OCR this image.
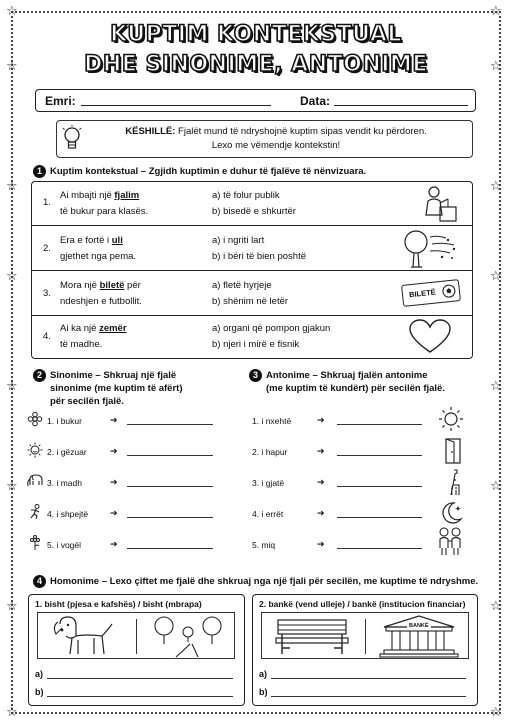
☆	☆
☆	☆
☆	☆
☆	☆
☆	☆
☆	☆
☆	☆
☆	☆
KUPTIM KONTEKSTUAL
DHE SINONIME, ANTONIME
Emri:	Data:
KËSHILLË: Fjalët mund të ndryshojnë kuptim sipas vendit ku përdoren.
Lexo me vëmendje kontekstin!
1 Kuptim kontekstual – Zgjidh kuptimin e duhur të fjalëve të nënvizuara.
1.
Ai mbajti një fjalim
të bukur para klasës.
a) të folur publik
b) bisedë e shkurtër
2.
Era e fortë i uli
gjethet nga pema.
a) i ngriti lart
b) i bëri të bien poshtë
3.
Mora një biletë për
ndeshjen e futbollit.
a) fletë hyrjeje
b) shënim në letër
BILETË
4.
Ai ka një zemër
të madhe.
a) organi që pompon gjakun
b) njeri i mirë e fisnik
2 Sinonime – Shkruaj një fjalë
sinonime (me kuptim të afërt)
për secilën fjalë.
1. i bukur	➔
2. i gëzuar	➔
3. i madh	➔
4. i shpejtë ➔
5. i vogël	➔
3 Antonime – Shkruaj fjalën antonime
(me kuptim të kundërt) për secilën fjalë.
1. i nxehtë	➔
2. i hapur	➔
3. i gjatë	➔
4. i errët	➔
5. miq	➔
4 Homonime – Lexo çiftet me fjalë dhe shkruaj nga një fjali për secilën, me kuptime të ndryshme.
1. bisht (pjesa e kafshës) / bisht (mbrapa)
a)
b)
2. bankë (vend ulleje) / bankë (institucion financiar)
BANKË
a)
b)
